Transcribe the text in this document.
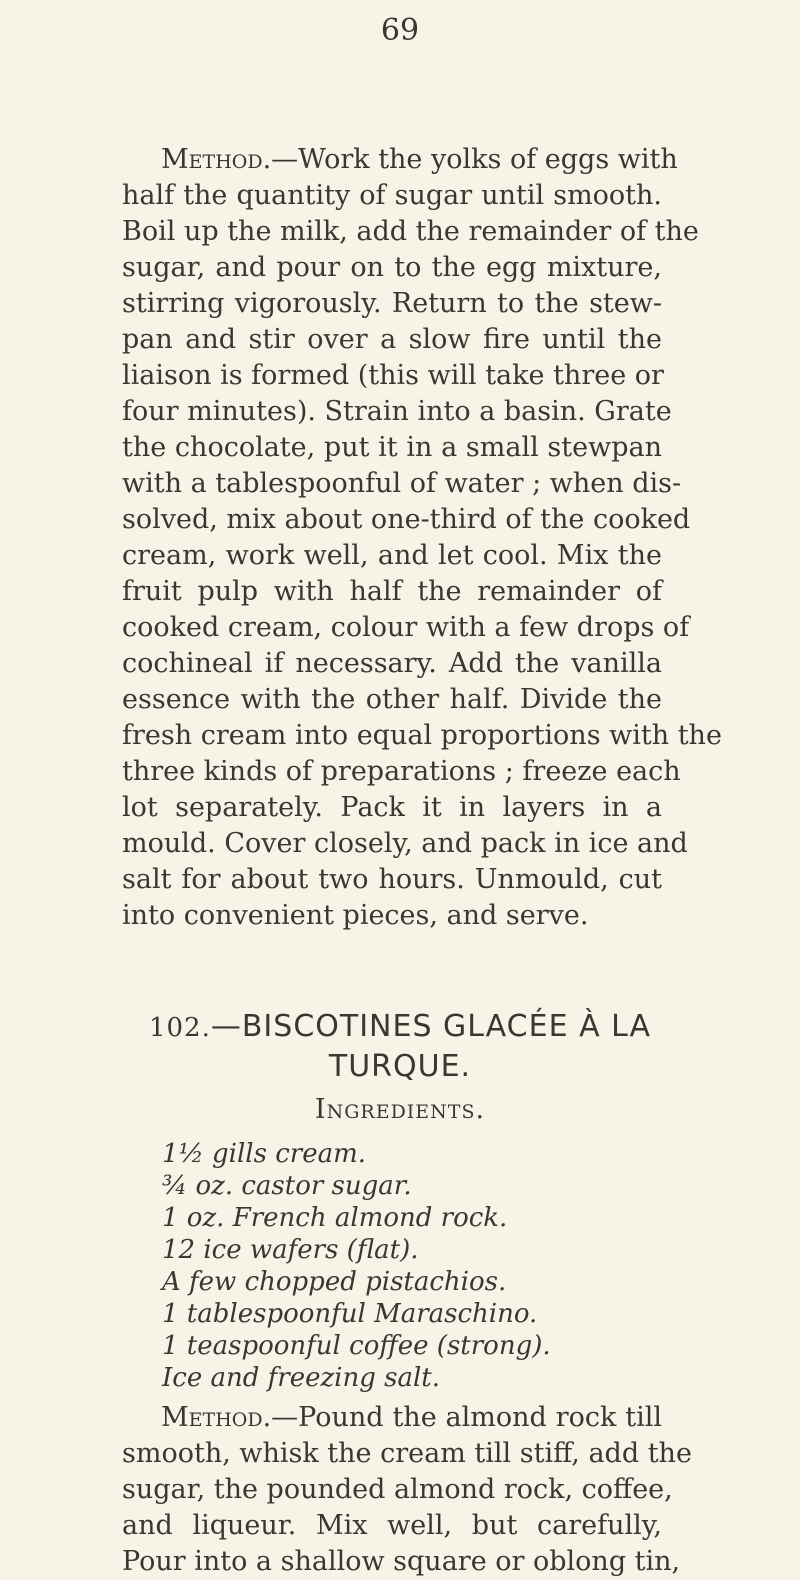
69
Method.—Work the yolks of eggs with
half the quantity of sugar until smooth.
Boil up the milk, add the remainder of the
sugar, and pour on to the egg mixture,
stirring vigorously. Return to the stew-
pan and stir over a slow fire until the
liaison is formed (this will take three or
four minutes). Strain into a basin. Grate
the chocolate, put it in a small stewpan
with a tablespoonful of water ; when dis-
solved, mix about one-third of the cooked
cream, work well, and let cool. Mix the
fruit pulp with half the remainder of
cooked cream, colour with a few drops of
cochineal if necessary. Add the vanilla
essence with the other half. Divide the
fresh cream into equal proportions with the
three kinds of preparations ; freeze each
lot separately. Pack it in layers in a
mould. Cover closely, and pack in ice and
salt for about two hours. Unmould, cut
into convenient pieces, and serve.
102.—BISCOTINES GLACÉE À LA
TURQUE.
Ingredients.
1½ gills cream.
¾ oz. castor sugar.
1 oz. French almond rock.
12 ice wafers (flat).
A few chopped pistachios.
1 tablespoonful Maraschino.
1 teaspoonful coffee (strong).
Ice and freezing salt.
Method.—Pound the almond rock till
smooth, whisk the cream till stiff, add the
sugar, the pounded almond rock, coffee,
and liqueur. Mix well, but carefully,
Pour into a shallow square or oblong tin,
